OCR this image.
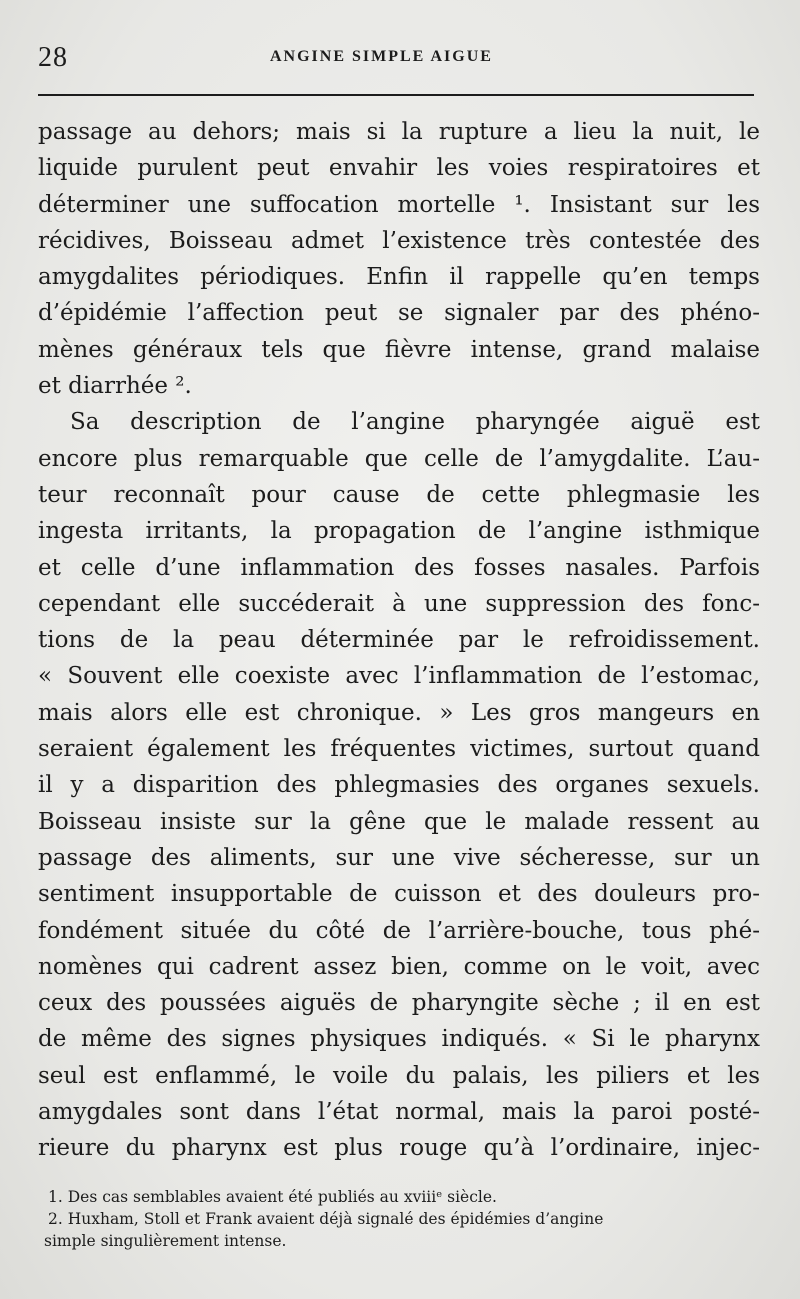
28	ANGINE SIMPLE AIGUE
passage au dehors; mais si la rupture a lieu la nuit, le
liquide purulent peut envahir les voies respiratoires et
déterminer une suffocation mortelle ¹. Insistant sur les
récidives, Boisseau admet l’existence très contestée des
amygdalites périodiques. Enfin il rappelle qu’en temps
d’épidémie l’affection peut se signaler par des phéno-
mènes généraux tels que fièvre intense, grand malaise
et diarrhée ².
Sa description de l’angine pharyngée aiguë est
encore plus remarquable que celle de l’amygdalite. L’au-
teur reconnaît pour cause de cette phlegmasie les
ingesta irritants, la propagation de l’angine isthmique
et celle d’une inflammation des fosses nasales. Parfois
cependant elle succéderait à une suppression des fonc-
tions de la peau déterminée par le refroidissement.
« Souvent elle coexiste avec l’inflammation de l’estomac,
mais alors elle est chronique. » Les gros mangeurs en
seraient également les fréquentes victimes, surtout quand
il y a disparition des phlegmasies des organes sexuels.
Boisseau insiste sur la gêne que le malade ressent au
passage des aliments, sur une vive sécheresse, sur un
sentiment insupportable de cuisson et des douleurs pro-
fondément située du côté de l’arrière-bouche, tous phé-
nomènes qui cadrent assez bien, comme on le voit, avec
ceux des poussées aiguës de pharyngite sèche ; il en est
de même des signes physiques indiqués. « Si le pharynx
seul est enflammé, le voile du palais, les piliers et les
amygdales sont dans l’état normal, mais la paroi posté-
rieure du pharynx est plus rouge qu’à l’ordinaire, injec-
1. Des cas semblables avaient été publiés au xviiiᵉ siècle.
2. Huxham, Stoll et Frank avaient déjà signalé des épidémies d’angine
simple singulièrement intense.
